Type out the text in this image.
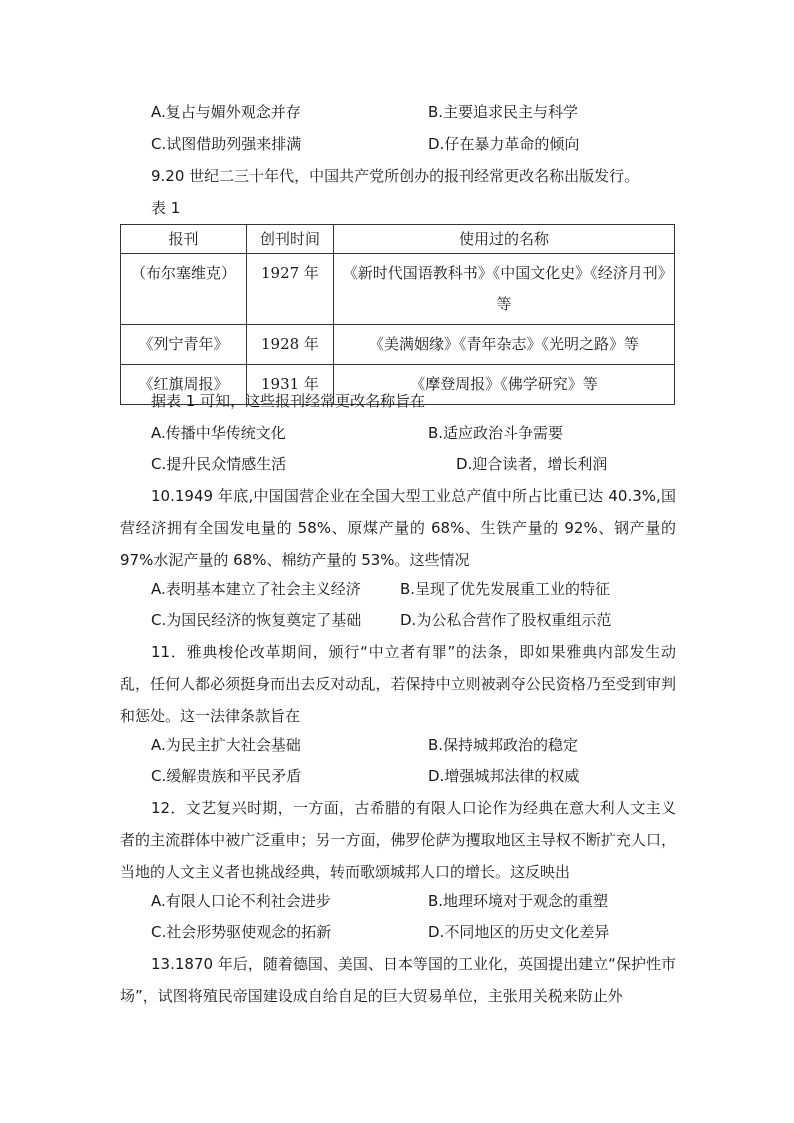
A.复占与媚外观念并存	B.主要追求民主与科学
C.试图借助列强来排满	D.仔在暴力革命的倾向
9.20 世纪二三十年代，中国共产党所创办的报刊经常更改名称出版发行。
表 1
报刊	创刊时间	使用过的名称
（布尔塞维克）	1927 年	《新时代国语教科书》《中国文化史》《经济月刊》等
《列宁青年》	1928 年	《美满姻缘》《青年杂志》《光明之路》等
《红旗周报》	1931 年	《摩登周报》《佛学研究》等
据表 1 可知，这些报刊经常更改名称旨在
A.传播中华传统文化	B.适应政治斗争需要
C.提升民众情感生活	D.迎合读者，增长利润
10.1949 年底,中国国营企业在全国大型工业总产值中所占比重已达 40.3%,国营经济拥有全国发电量的 58%、原煤产量的 68%、生铁产量的 92%、钢产量的 97%水泥产量的 68%、棉纺产量的 53%。这些情况
A.表明基本建立了社会主义经济	B.呈现了优先发展重工业的特征
C.为国民经济的恢复奠定了基础	D.为公私合营作了股权重组示范
11．雅典梭伦改革期间，颁行“中立者有罪”的法条，即如果雅典内部发生动乱，任何人都必须挺身而出去反对动乱，若保持中立则被剥夺公民资格乃至受到审判和惩处。这一法律条款旨在
A.为民主扩大社会基础	B.保持城邦政治的稳定
C.缓解贵族和平民矛盾	D.增强城邦法律的权威
12．文艺复兴时期，一方面，古希腊的有限人口论作为经典在意大利人文主义者的主流群体中被广泛重申；另一方面，佛罗伦萨为攫取地区主导权不断扩充人口，当地的人文主义者也挑战经典，转而歌颂城邦人口的增长。这反映出
A.有限人口论不利社会进步	B.地理环境对于观念的重塑
C.社会形势驱使观念的拓新	D.不同地区的历史文化差异
13.1870 年后，随着德国、美国、日本等国的工业化，英国提出建立“保护性市场”，试图将殖民帝国建设成自给自足的巨大贸易单位，主张用关税来防止外
